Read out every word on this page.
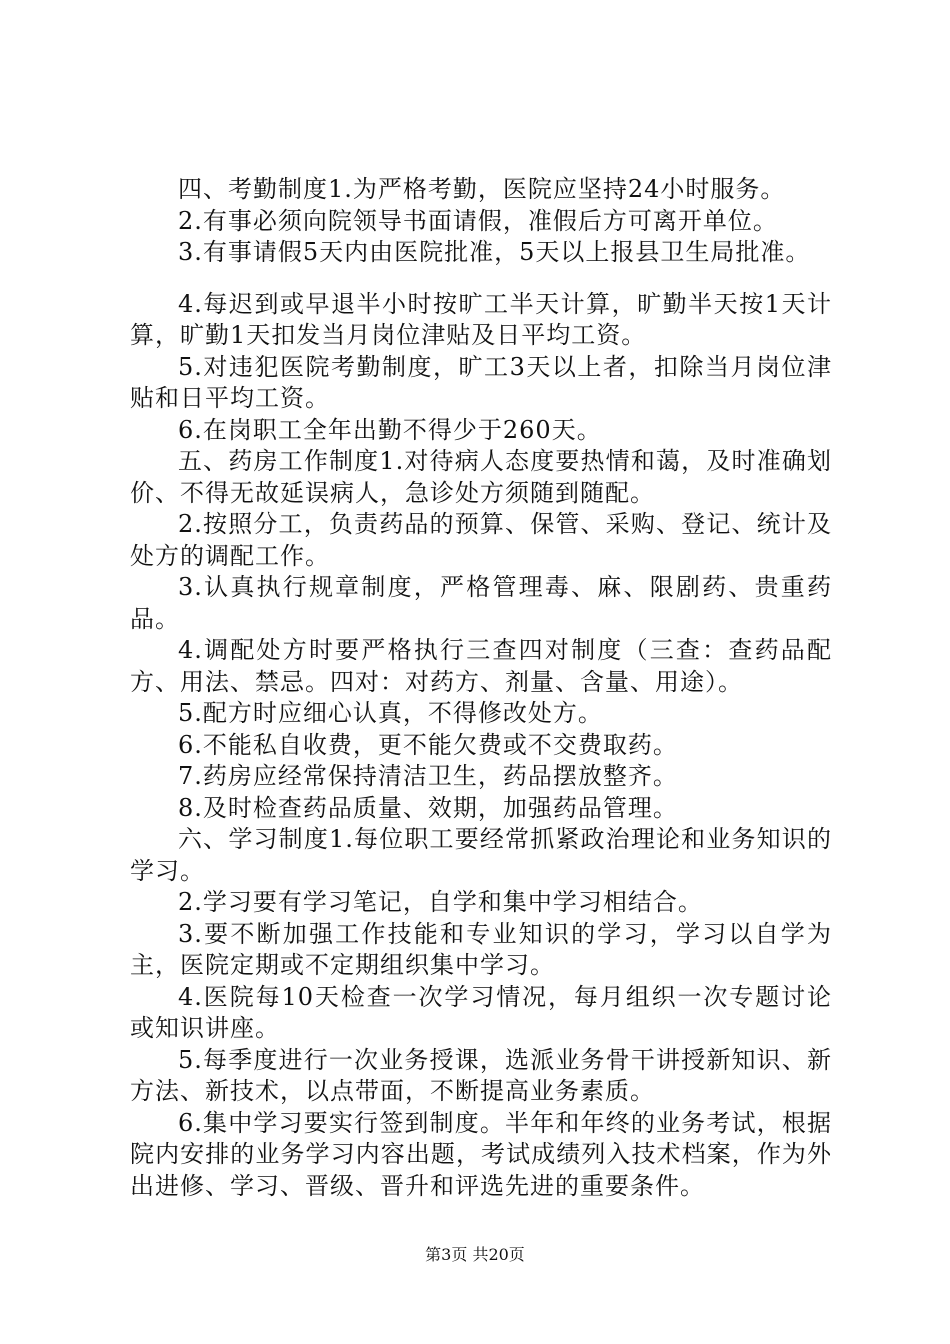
四、考勤制度1.为严格考勤，医院应坚持24小时服务。

2.有事必须向院领导书面请假，准假后方可离开单位。

3.有事请假5天内由医院批准，5天以上报县卫生局批准。

4.每迟到或早退半小时按旷工半天计算，旷勤半天按1天计算，旷勤1天扣发当月岗位津贴及日平均工资。

5.对违犯医院考勤制度，旷工3天以上者，扣除当月岗位津贴和日平均工资。

6.在岗职工全年出勤不得少于260天。

五、药房工作制度1.对待病人态度要热情和蔼，及时准确划价、不得无故延误病人，急诊处方须随到随配。

2.按照分工，负责药品的预算、保管、采购、登记、统计及处方的调配工作。

3.认真执行规章制度，严格管理毒、麻、限剧药、贵重药品。

4.调配处方时要严格执行三查四对制度（三查：查药品配方、用法、禁忌。四对：对药方、剂量、含量、用途）。

5.配方时应细心认真，不得修改处方。

6.不能私自收费，更不能欠费或不交费取药。

7.药房应经常保持清洁卫生，药品摆放整齐。

8.及时检查药品质量、效期，加强药品管理。

六、学习制度1.每位职工要经常抓紧政治理论和业务知识的学习。

2.学习要有学习笔记，自学和集中学习相结合。

3.要不断加强工作技能和专业知识的学习，学习以自学为主，医院定期或不定期组织集中学习。

4.医院每10天检查一次学习情况，每月组织一次专题讨论或知识讲座。

5.每季度进行一次业务授课，选派业务骨干讲授新知识、新方法、新技术，以点带面，不断提高业务素质。

6.集中学习要实行签到制度。半年和年终的业务考试，根据院内安排的业务学习内容出题，考试成绩列入技术档案，作为外出进修、学习、晋级、晋升和评选先进的重要条件。

第3页 共20页
